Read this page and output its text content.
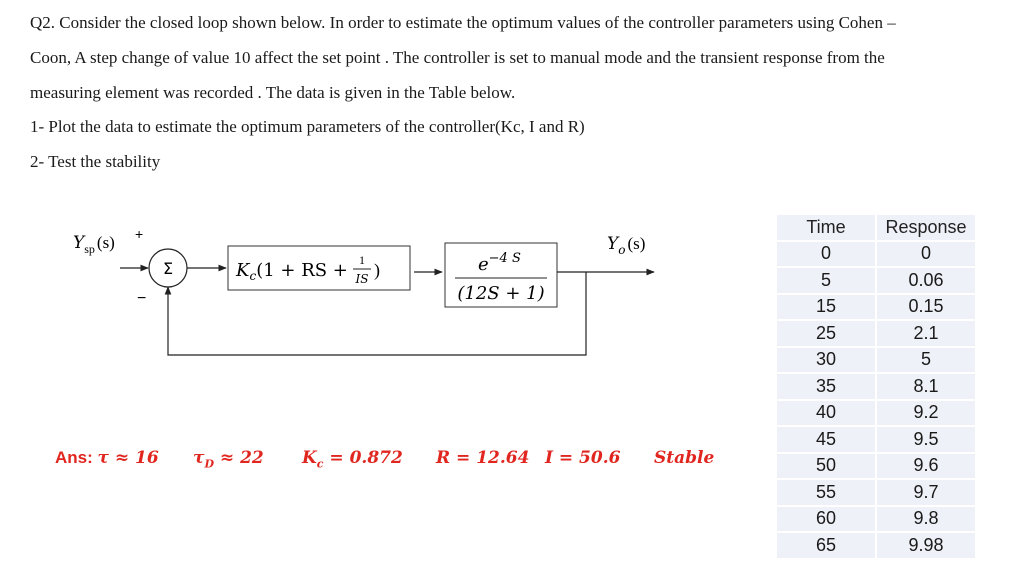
Q2. Consider the closed loop shown below. In order to estimate the optimum values of the controller parameters using Cohen –
Coon, A step change of value 10 affect the set point . The controller is set to manual mode and the transient response from the
measuring element was recorded . The data is given in the Table below.
1- Plot the data to estimate the optimum parameters of the controller(Kc, I and R)
2- Test the stability
$Y_{sp}$ (s) +
−
Σ	$K_c(1$ + RS + 1
IS )	$e^{-4 S}$
(12S + 1)
$Y_o$ (s)
Time	Response
0	0
5	0.06
15	0.15
25	2.1
30	5
35	8.1
40	9.2
45	9.5
50	9.6
55	9.7
60	9.8
65	9.98
Ans: τ ≈ 16 $\tau_D \approx 22$ $K_c = 0.872$ R = 12.64 I = 50.6 Stable
